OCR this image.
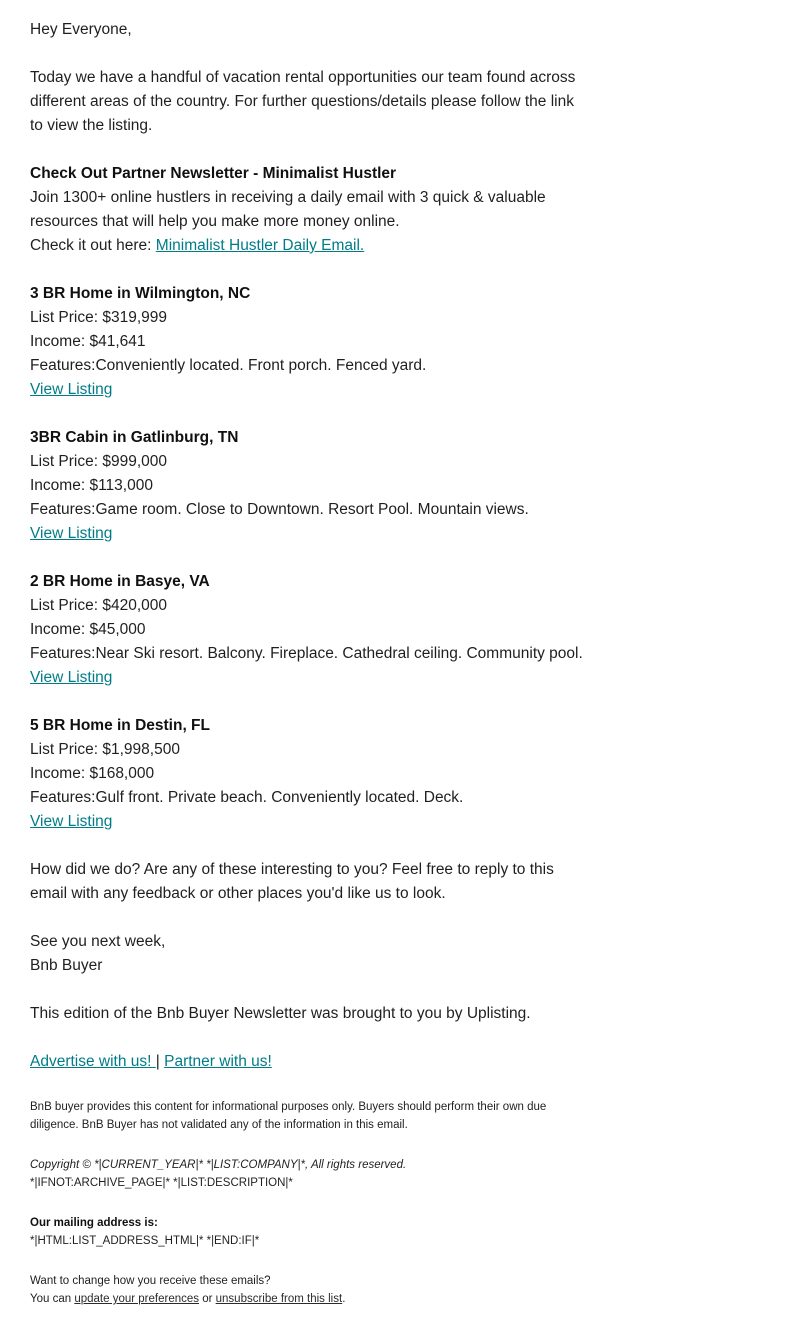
Hey Everyone,

Today we have a handful of vacation rental opportunities our team found across different areas of the country. For further questions/details please follow the link to view the listing.

Check Out Partner Newsletter - Minimalist Hustler
Join 1300+ online hustlers in receiving a daily email with 3 quick & valuable resources that will help you make more money online.
Check it out here: Minimalist Hustler Daily Email.
3 BR Home in Wilmington, NC
List Price: $319,999
Income: $41,641
Features:Conveniently located. Front porch. Fenced yard.
View Listing
3BR Cabin in Gatlinburg, TN
List Price: $999,000
Income: $113,000
Features:Game room. Close to Downtown. Resort Pool. Mountain views.
View Listing
2 BR Home in Basye, VA
List Price: $420,000
Income: $45,000
Features:Near Ski resort. Balcony. Fireplace. Cathedral ceiling. Community pool.
View Listing
5 BR Home in Destin, FL
List Price: $1,998,500
Income: $168,000
Features:Gulf front. Private beach. Conveniently located. Deck.
View Listing

How did we do? Are any of these interesting to you? Feel free to reply to this email with any feedback or other places you'd like us to look.

See you next week,
Bnb Buyer

This edition of the Bnb Buyer Newsletter was brought to you by Uplisting.

Advertise with us! | Partner with us!
BnB buyer provides this content for informational purposes only. Buyers should perform their own due diligence. BnB Buyer has not validated any of the information in this email.
Copyright © *|CURRENT_YEAR|* *|LIST:COMPANY|*, All rights reserved.
*|IFNOT:ARCHIVE_PAGE|* *|LIST:DESCRIPTION|*
Our mailing address is:
*|HTML:LIST_ADDRESS_HTML|* *|END:IF|*
Want to change how you receive these emails?
You can update your preferences or unsubscribe from this list.
